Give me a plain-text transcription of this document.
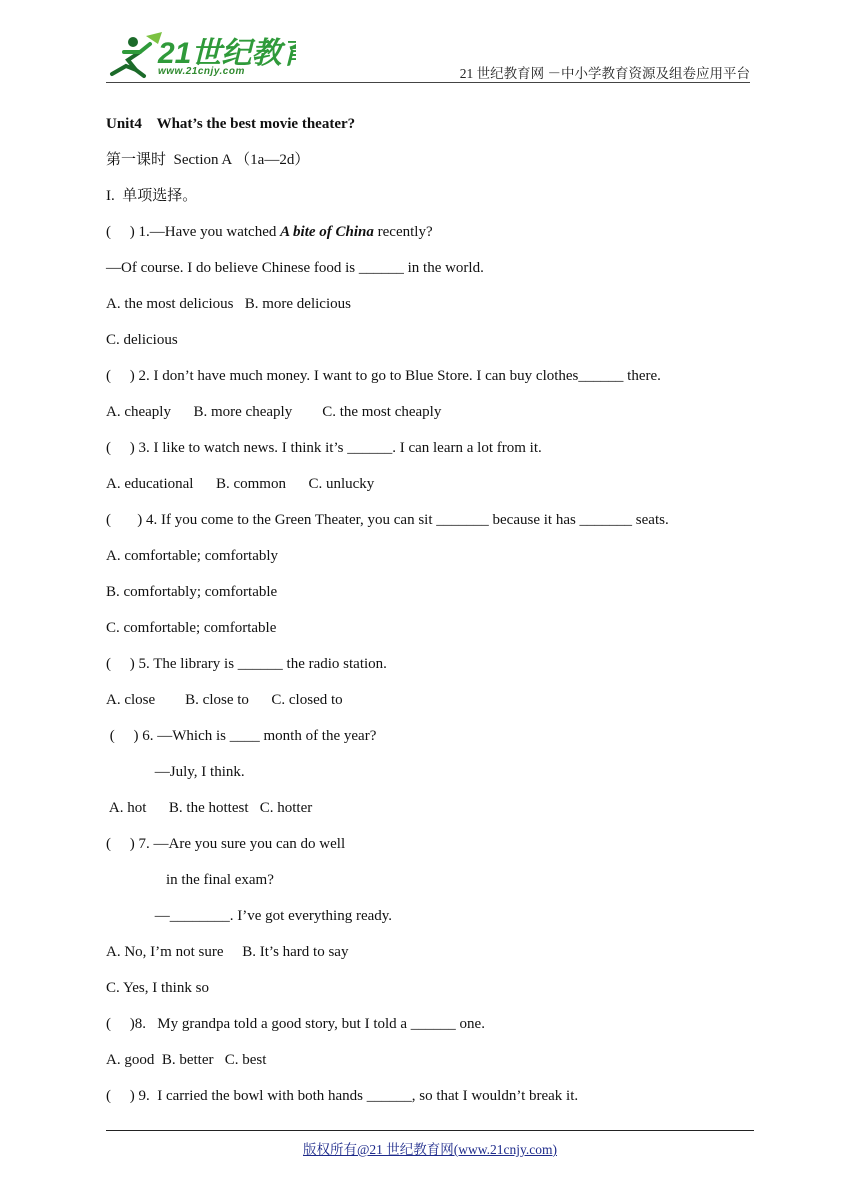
21世纪教
www.21cnjy.com	21 世纪教育网 －中小学教育资源及组卷应用平台
Unit4    What’s the best movie theater?
第一课时  Section A （1a—2d）
I.  单项选择。
(     ) 1.—Have you watched A bite of China recently?
—Of course. I do believe Chinese food is ______ in the world.
A. the most delicious   B. more delicious
C. delicious
(     ) 2. I don’t have much money. I want to go to Blue Store. I can buy clothes______ there.
A. cheaply      B. more cheaply        C. the most cheaply
(     ) 3. I like to watch news. I think it’s ______. I can learn a lot from it.
A. educational      B. common      C. unlucky
(       ) 4. If you come to the Green Theater, you can sit _______ because it has _______ seats.
A. comfortable; comfortably
B. comfortably; comfortable
C. comfortable; comfortable
(     ) 5. The library is ______ the radio station.
A. close        B. close to      C. closed to
(     ) 6. —Which is ____ month of the year?
—July, I think.
A. hot      B. the hottest   C. hotter
(     ) 7. —Are you sure you can do well
in the final exam?
—________. I’ve got everything ready.
A. No, I’m not sure     B. It’s hard to say
C. Yes, I think so
(     )8.   My grandpa told a good story, but I told a ______ one.
A. good  B. better   C. best
(     ) 9.  I carried the bowl with both hands ______, so that I wouldn’t break it.
版权所有@21 世纪教育网(www.21cnjy.com)
